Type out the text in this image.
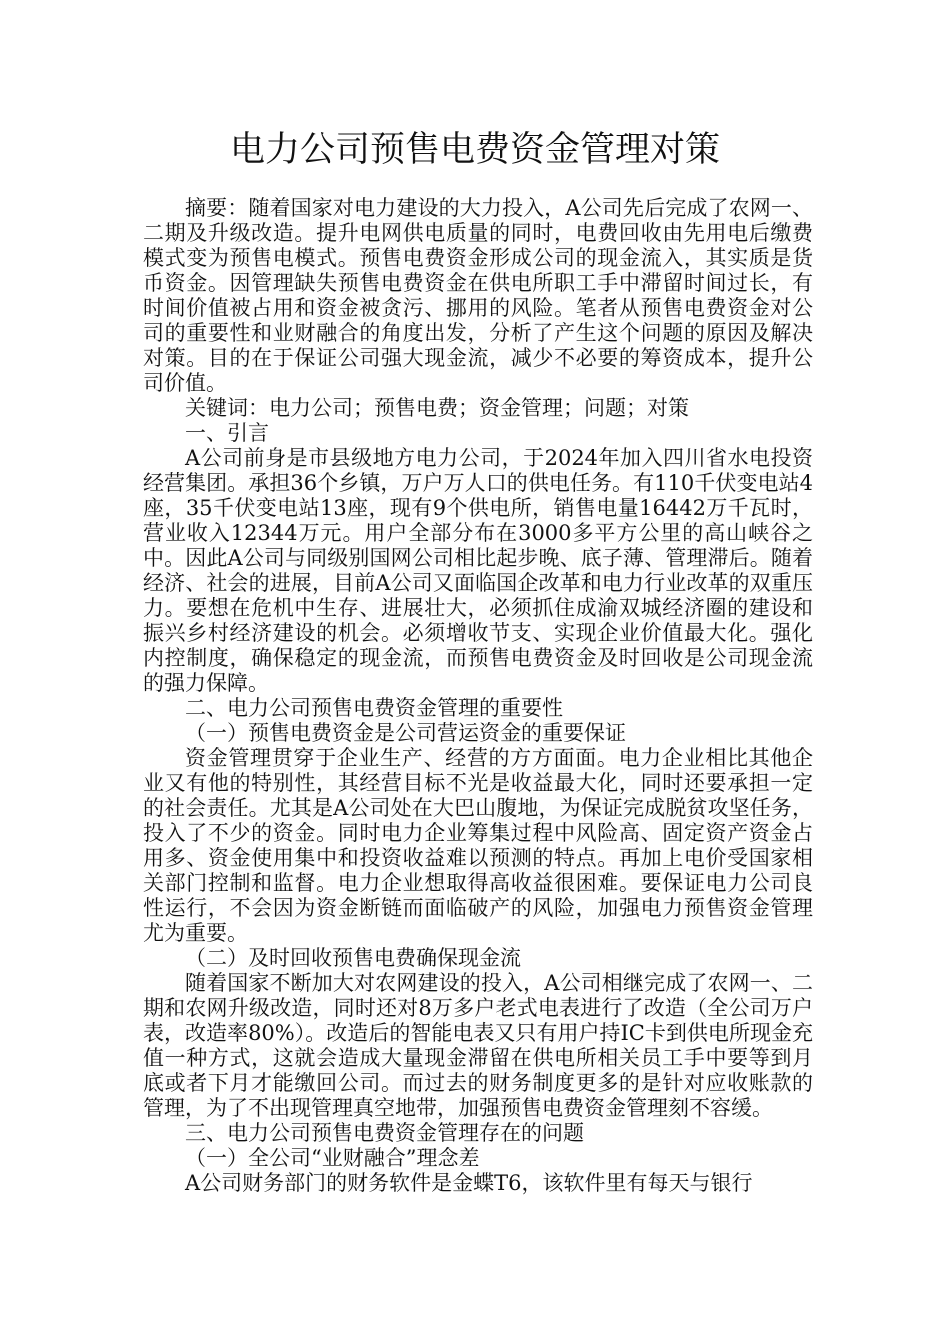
电力公司预售电费资金管理对策

摘要：随着国家对电力建设的大力投入，A公司先后完成了农网一、二期及升级改造。提升电网供电质量的同时，电费回收由先用电后缴费模式变为预售电模式。预售电费资金形成公司的现金流入，其实质是货币资金。因管理缺失预售电费资金在供电所职工手中滞留时间过长，有时间价值被占用和资金被贪污、挪用的风险。笔者从预售电费资金对公司的重要性和业财融合的角度出发，分析了产生这个问题的原因及解决对策。目的在于保证公司强大现金流，减少不必要的筹资成本，提升公司价值。

关键词：电力公司；预售电费；资金管理；问题；对策

一、引言

A公司前身是市县级地方电力公司，于2024年加入四川省水电投资经营集团。承担36个乡镇，万户万人口的供电任务。有110千伏变电站4座，35千伏变电站13座，现有9个供电所，销售电量16442万千瓦时，营业收入12344万元。用户全部分布在3000多平方公里的高山峡谷之中。因此A公司与同级别国网公司相比起步晚、底子薄、管理滞后。随着经济、社会的进展，目前A公司又面临国企改革和电力行业改革的双重压力。要想在危机中生存、进展壮大，必须抓住成渝双城经济圈的建设和振兴乡村经济建设的机会。必须增收节支、实现企业价值最大化。强化内控制度，确保稳定的现金流，而预售电费资金及时回收是公司现金流的强力保障。

二、电力公司预售电费资金管理的重要性

（一）预售电费资金是公司营运资金的重要保证

资金管理贯穿于企业生产、经营的方方面面。电力企业相比其他企业又有他的特别性，其经营目标不光是收益最大化，同时还要承担一定的社会责任。尤其是A公司处在大巴山腹地，为保证完成脱贫攻坚任务，投入了不少的资金。同时电力企业筹集过程中风险高、固定资产资金占用多、资金使用集中和投资收益难以预测的特点。再加上电价受国家相关部门控制和监督。电力企业想取得高收益很困难。要保证电力公司良性运行，不会因为资金断链而面临破产的风险，加强电力预售资金管理尤为重要。

（二）及时回收预售电费确保现金流

随着国家不断加大对农网建设的投入，A公司相继完成了农网一、二期和农网升级改造，同时还对8万多户老式电表进行了改造（全公司万户表，改造率80%）。改造后的智能电表又只有用户持IC卡到供电所现金充值一种方式，这就会造成大量现金滞留在供电所相关员工手中要等到月底或者下月才能缴回公司。而过去的财务制度更多的是针对应收账款的管理，为了不出现管理真空地带，加强预售电费资金管理刻不容缓。

三、电力公司预售电费资金管理存在的问题

（一）全公司“业财融合”理念差

A公司财务部门的财务软件是金蝶T6，该软件里有每天与银行
